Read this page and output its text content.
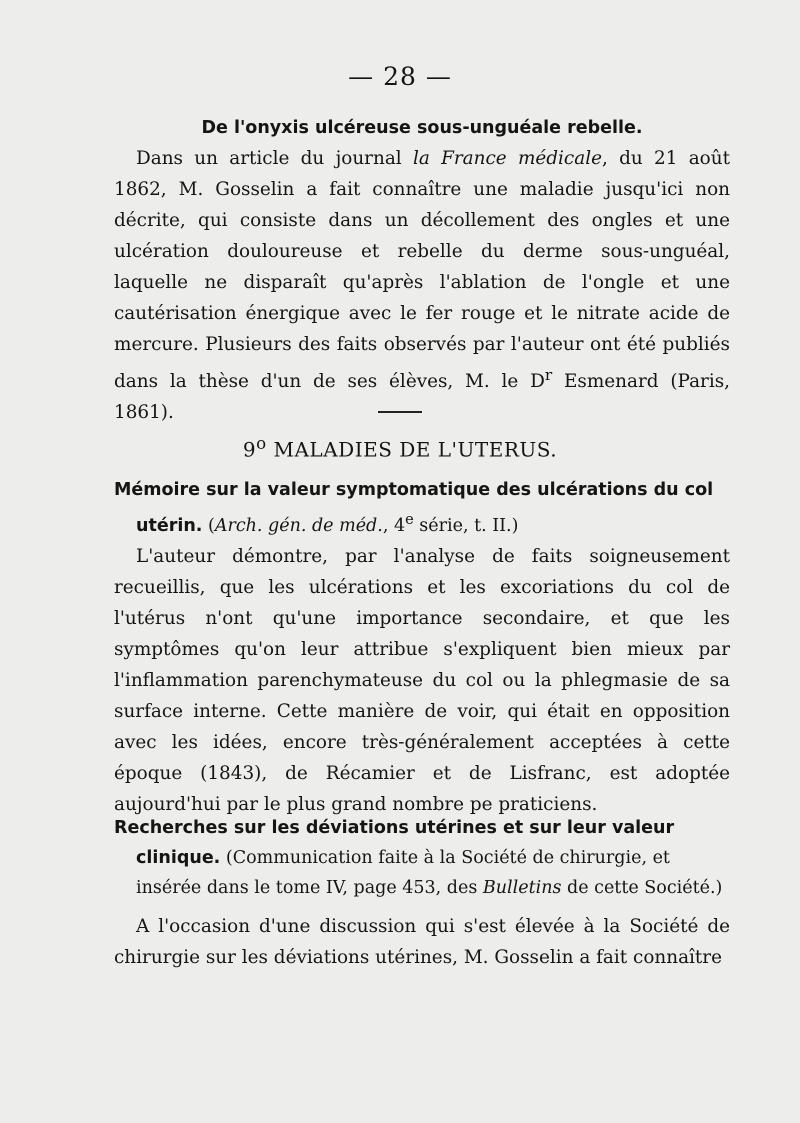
— 28 —
De l'onyxis ulcéreuse sous-unguéale rebelle.
Dans un article du journal la France médicale, du 21 août 1862, M. Gosselin a fait connaître une maladie jusqu'ici non décrite, qui consiste dans un décollement des ongles et une ulcération douloureuse et rebelle du derme sous-unguéal, laquelle ne disparaît qu'après l'ablation de l'ongle et une cautérisation énergique avec le fer rouge et le nitrate acide de mercure. Plusieurs des faits observés par l'auteur ont été publiés dans la thèse d'un de ses élèves, M. le $D^r$ Esmenard (Paris, 1861).
9$^o$ MALADIES DE L'UTERUS.
Mémoire sur la valeur symptomatique des ulcérations du col utérin. (Arch. gén. de méd., 4e série, t. II.)
L'auteur démontre, par l'analyse de faits soigneusement recueillis, que les ulcérations et les excoriations du col de l'utérus n'ont qu'une importance secondaire, et que les symptômes qu'on leur attribue s'expliquent bien mieux par l'inflammation parenchymateuse du col ou la phlegmasie de sa surface interne. Cette manière de voir, qui était en opposition avec les idées, encore très-généralement acceptées à cette époque (1843), de Récamier et de Lisfranc, est adoptée aujourd'hui par le plus grand nombre pe praticiens.
Recherches sur les déviations utérines et sur leur valeur clinique. (Communication faite à la Société de chirurgie, et insérée dans le tome IV, page 453, des Bulletins de cette Société.)
A l'occasion d'une discussion qui s'est élevée à la Société de chirurgie sur les déviations utérines, M. Gosselin a fait connaître
